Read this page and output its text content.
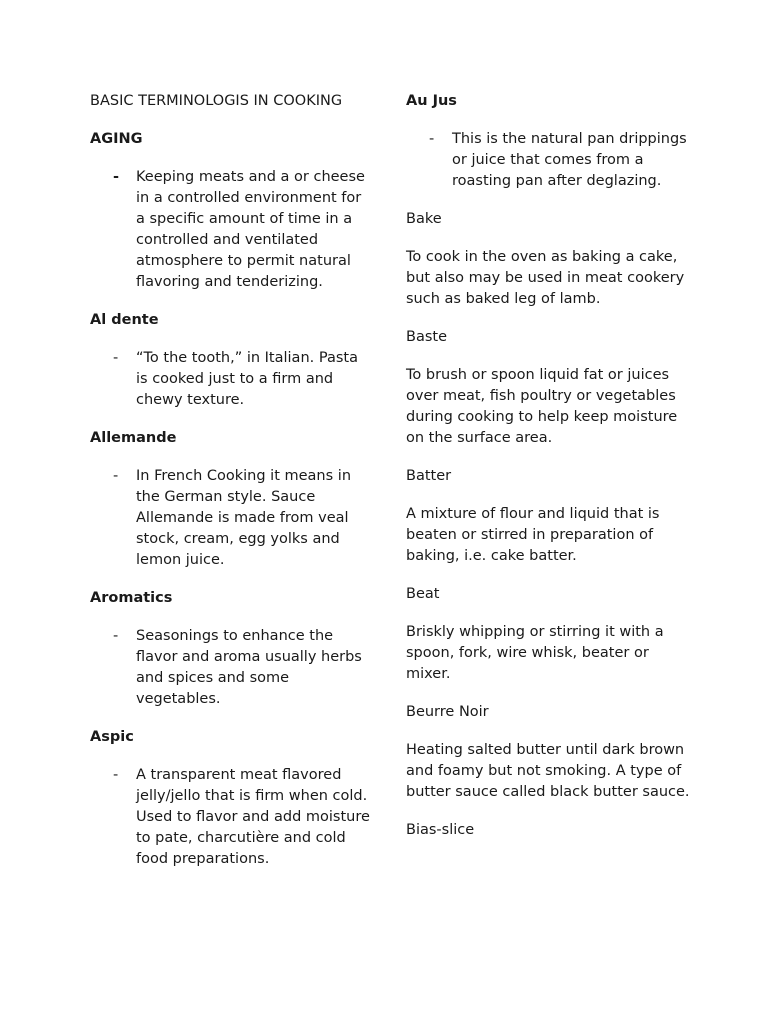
BASIC TERMINOLOGIS IN COOKING
AGING
-	Keeping meats and a or cheese in a controlled environment for a specific amount of time in a controlled and ventilated atmosphere to permit natural flavoring and tenderizing.
Al dente
-	“To the tooth,” in Italian. Pasta is cooked just to a firm and chewy texture.
Allemande
-	In French Cooking it means in the German style. Sauce Allemande is made from veal stock, cream, egg yolks and lemon juice.
Aromatics
-	Seasonings to enhance the flavor and aroma usually herbs and spices and some vegetables.
Aspic
-	A transparent meat flavored jelly/jello that is firm when cold. Used to flavor and add moisture to pate, charcutière and cold food preparations.
Au Jus
-	This is the natural pan drippings or juice that comes from a roasting pan after deglazing.
Bake
To cook in the oven as baking a cake, but also may be used in meat cookery such as baked leg of lamb.
Baste
To brush or spoon liquid fat or juices over meat, fish poultry or vegetables during cooking to help keep moisture on the surface area.
Batter
A mixture of flour and liquid that is beaten or stirred in preparation of baking, i.e. cake batter.
Beat
Briskly whipping or stirring it with a spoon, fork, wire whisk, beater or mixer.
Beurre Noir
Heating salted butter until dark brown and foamy but not smoking. A type of butter sauce called black butter sauce.
Bias-slice
